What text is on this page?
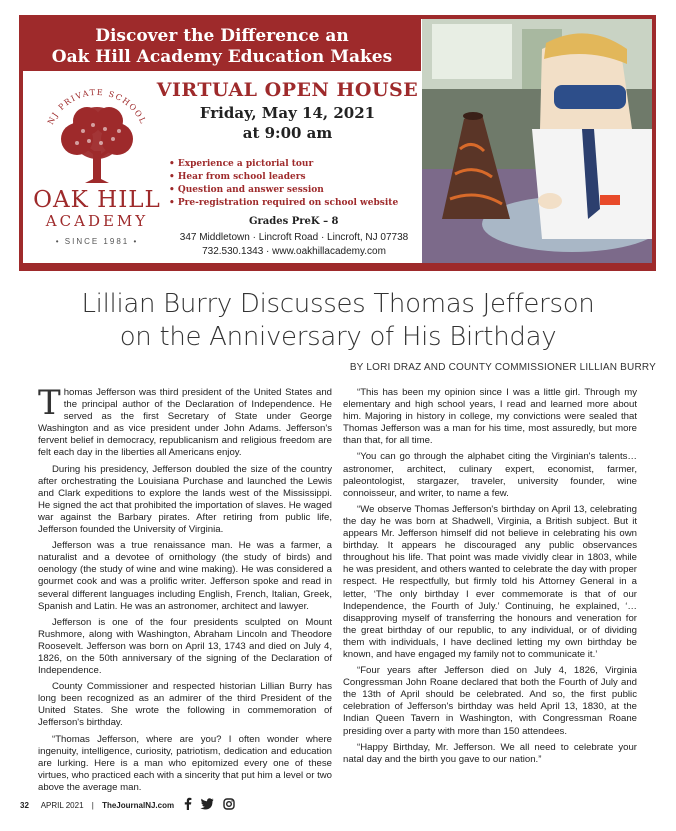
Discover the Difference an
Oak Hill Academy Education Makes
NJ PRIVATE SCHOOL
OAK HILL
ACADEMY
• SINCE 1981 •
VIRTUAL OPEN HOUSE
Friday, May 14, 2021
at 9:00 am
• Experience a pictorial tour
• Hear from school leaders
• Question and answer session
• Pre-registration required on school website
Grades PreK – 8
347 Middletown · Lincroft Road · Lincroft, NJ 07738
732.530.1343 · www.oakhillacademy.com
Limited Openings for September 2021
Lillian Burry Discusses Thomas Jefferson
on the Anniversary of His Birthday
BY LORI DRAZ AND COUNTY COMMISSIONER LILLIAN BURRY

Thomas Jefferson was third president of the United States and the principal author of the Declaration of Independence. He served as the first Secretary of State under George Washington and as vice president under John Adams. Jefferson's fervent belief in democracy, republicanism and religious freedom are felt each day in the liberties all Americans enjoy.

During his presidency, Jefferson doubled the size of the country after orchestrating the Louisiana Purchase and launched the Lewis and Clark expeditions to explore the lands west of the Mississippi. He signed the act that prohibited the importation of slaves. He waged war against the Barbary pirates. After retiring from public life, Jefferson founded the University of Virginia.

Jefferson was a true renaissance man. He was a farmer, a naturalist and a devotee of ornithology (the study of birds) and oenology (the study of wine and wine making). He was considered a gourmet cook and was a prolific writer. Jefferson spoke and read in several different languages including English, French, Italian, Greek, Spanish and Latin. He was an astronomer, architect and lawyer.

Jefferson is one of the four presidents sculpted on Mount Rushmore, along with Washington, Abraham Lincoln and Theodore Roosevelt. Jefferson was born on April 13, 1743 and died on July 4, 1826, on the 50th anniversary of the signing of the Declaration of Independence.

County Commissioner and respected historian Lillian Burry has long been recognized as an admirer of the third President of the United States. She wrote the following in commemoration of Jefferson's birthday.

“Thomas Jefferson, where are you? I often wonder where ingenuity, intelligence, curiosity, patriotism, dedication and education are lurking. Here is a man who epitomized every one of these virtues, who practiced each with a sincerity that put him a level or two above the average man.

“This has been my opinion since I was a little girl. Through my elementary and high school years, I read and learned more about him. Majoring in history in college, my convictions were sealed that Thomas Jefferson was a man for his time, most assuredly, but more than that, for all time.

“You can go through the alphabet citing the Virginian's talents… astronomer, architect, culinary expert, economist, farmer, paleontologist, stargazer, traveler, university founder, wine connoisseur, and writer, to name a few.

“We observe Thomas Jefferson's birthday on April 13, celebrating the day he was born at Shadwell, Virginia, a British subject. But it appears Mr. Jefferson himself did not believe in celebrating his own birthday. It appears he discouraged any public observances throughout his life. That point was made vividly clear in 1803, while he was president, and others wanted to celebrate the day with proper respect. He respectfully, but firmly told his Attorney General in a letter, ‘The only birthday I ever commemorate is that of our Independence, the Fourth of July.’ Continuing, he explained, ‘…disapproving myself of transferring the honours and veneration for the great birthday of our republic, to any individual, or of dividing them with individuals, I have declined letting my own birthday be known, and have engaged my family not to communicate it.’

“Four years after Jefferson died on July 4, 1826, Virginia Congressman John Roane declared that both the Fourth of July and the 13th of April should be celebrated. And so, the first public celebration of Jefferson's birthday was held April 13, 1830, at the Indian Queen Tavern in Washington, with Congressman Roane presiding over a party with more than 150 attendees.

“Happy Birthday, Mr. Jefferson. We all need to celebrate your natal day and the birth you gave to our nation.”

32 APRIL 2021 | TheJournalNJ.com
